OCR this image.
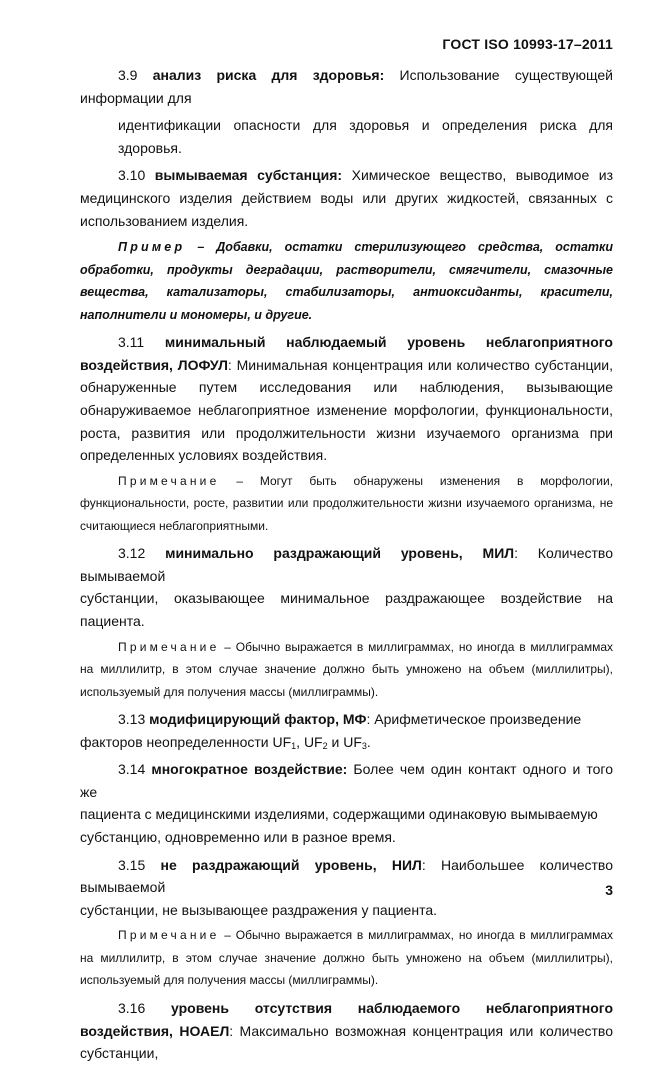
ГОСТ ISO 10993-17–2011

3.9 анализ риска для здоровья: Использование существующей информации для

идентификации опасности для здоровья и определения риска для здоровья.

3.10 вымываемая субстанция: Химическое вещество, выводимое из медицинского изделия действием воды или других жидкостей, связанных с использованием изделия.

Пример – Добавки, остатки стерилизующего средства, остатки обработки, продукты деградации, растворители, смягчители, смазочные вещества, катализаторы, стабилизаторы, антиоксиданты, красители, наполнители и мономеры, и другие.

3.11 минимальный наблюдаемый уровень неблагоприятного воздействия, ЛОФУЛ: Минимальная концентрация или количество субстанции, обнаруженные путем исследования или наблюдения, вызывающие обнаруживаемое неблагоприятное изменение морфологии, функциональности, роста, развития или продолжительности жизни изучаемого организма при определенных условиях воздействия.

Примечание – Могут быть обнаружены изменения в морфологии, функциональности, росте, развитии или продолжительности жизни изучаемого организма, не считающиеся неблагоприятными.

3.12 минимально раздражающий уровень, МИЛ: Количество вымываемой

субстанции, оказывающее минимальное раздражающее воздействие на пациента.

Примечание – Обычно выражается в миллиграммах, но иногда в миллиграммах на миллилитр, в этом случае значение должно быть умножено на объем (миллилитры), используемый для получения массы (миллиграммы).

3.13 модифицирующий фактор, МФ: Арифметическое произведение

факторов неопределенности $UF_1$, $UF_2$ и $UF_3$.

3.14 многократное воздействие: Более чем один контакт одного и того же

пациента с медицинскими изделиями, содержащими одинаковую вымываемую

субстанцию, одновременно или в разное время.

3.15 не раздражающий уровень, НИЛ: Наибольшее количество вымываемой

субстанции, не вызывающее раздражения у пациента.

Примечание – Обычно выражается в миллиграммах, но иногда в миллиграммах на миллилитр, в этом случае значение должно быть умножено на объем (миллилитры), используемый для получения массы (миллиграммы).

3.16 уровень отсутствия наблюдаемого неблагоприятного воздействия, НОАЕЛ: Максимально возможная концентрация или количество субстанции,

3
